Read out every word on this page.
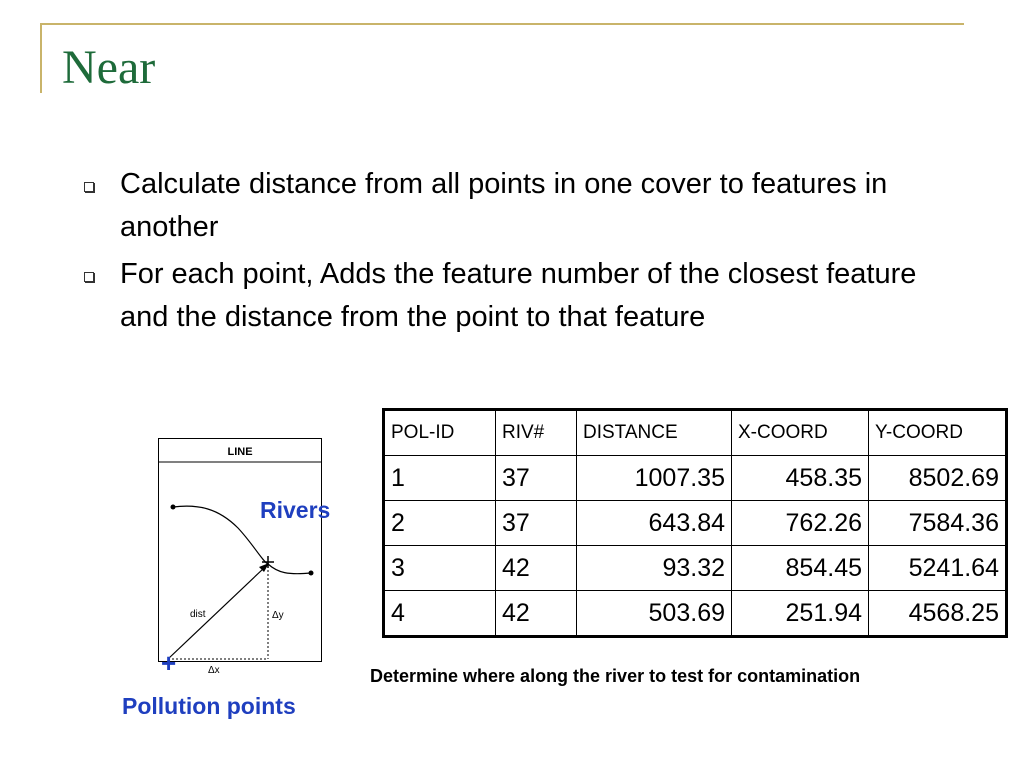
Near
Calculate distance from all points in one cover to features in another
For each point, Adds the feature number of the closest feature and the distance from the point to that feature
LINE
dist	Δy
Δx
+
Rivers
Pollution points
POL-ID	RIV#	DISTANCE	X-COORD	Y-COORD
1	37	1007.35	458.35	8502.69
2	37	643.84	762.26	7584.36
3	42	93.32	854.45	5241.64
4	42	503.69	251.94	4568.25
Determine where along the river to test for contamination
